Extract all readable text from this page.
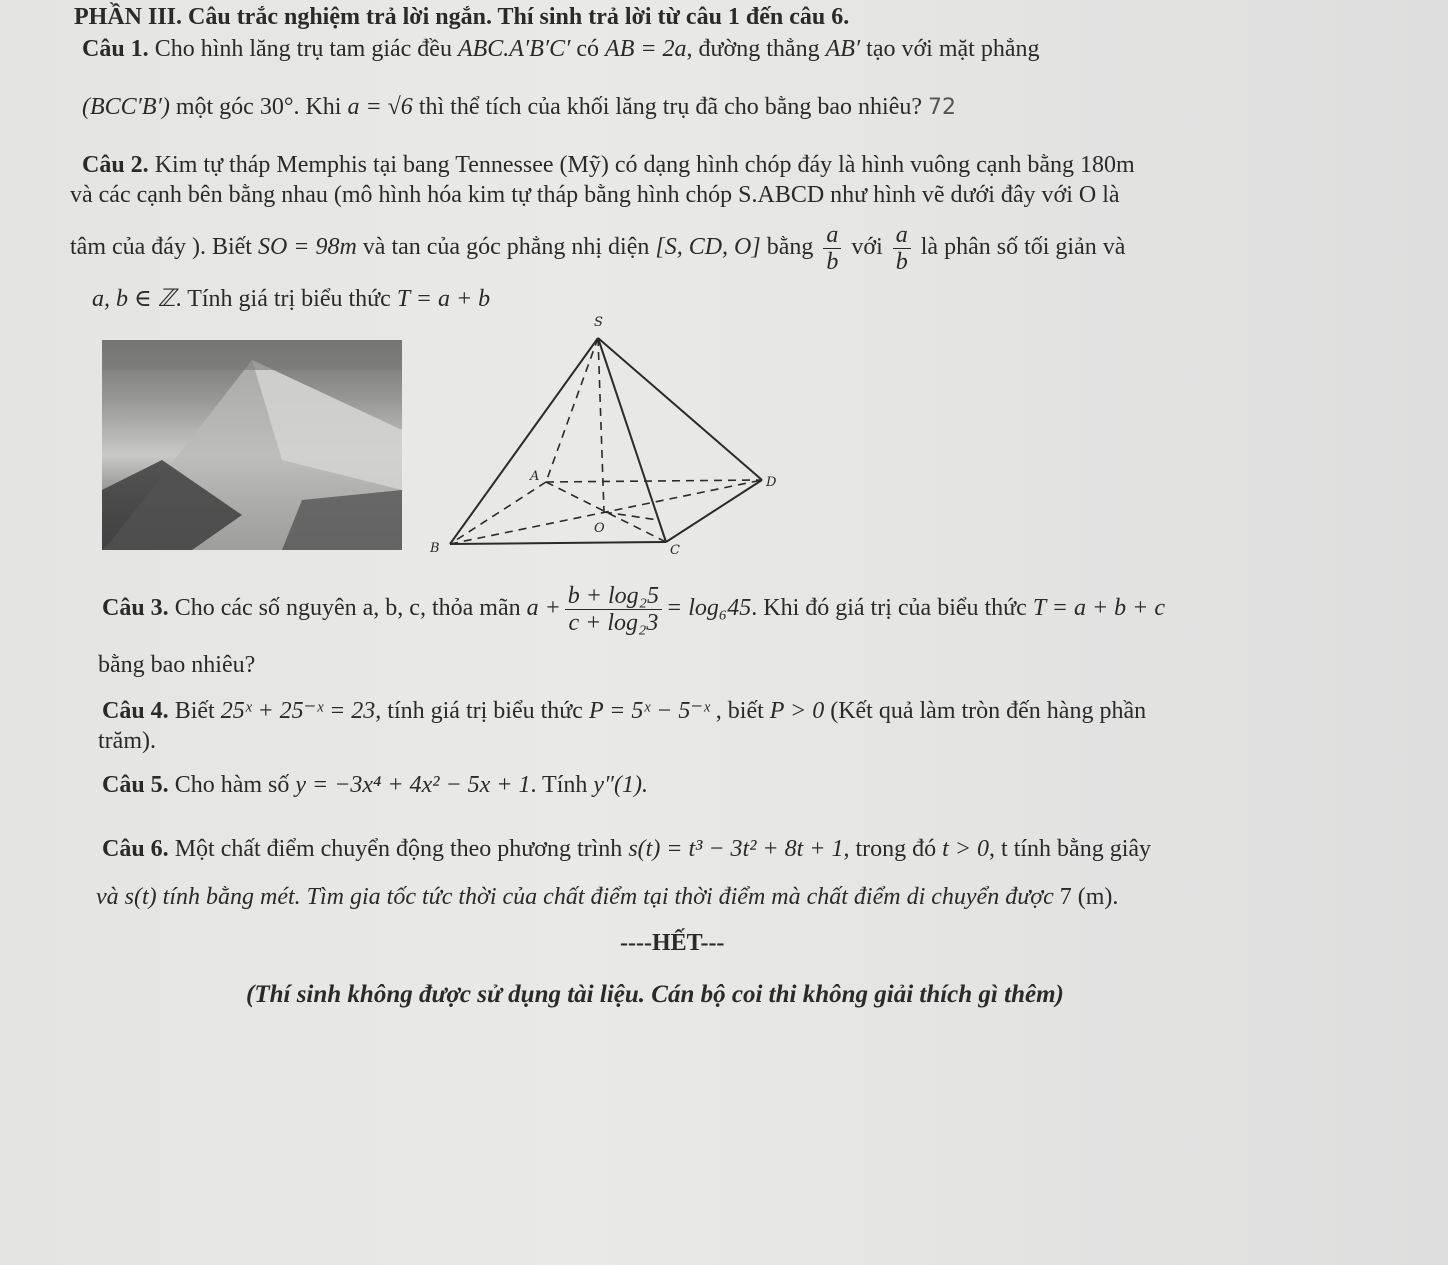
PHẦN III. Câu trắc nghiệm trả lời ngắn. Thí sinh trả lời từ câu 1 đến câu 6.
Câu 1. Cho hình lăng trụ tam giác đều ABC.A′B′C′ có AB = 2a, đường thẳng AB′ tạo với mặt phẳng
(BCC′B′) một góc 30°. Khi a = √6 thì thể tích của khối lăng trụ đã cho bằng bao nhiêu? 72
Câu 2. Kim tự tháp Memphis tại bang Tennessee (Mỹ) có dạng hình chóp đáy là hình vuông cạnh bằng 180m
và các cạnh bên bằng nhau (mô hình hóa kim tự tháp bằng hình chóp S.ABCD như hình vẽ dưới đây với O là
tâm của đáy ). Biết SO = 98m và tan của góc phẳng nhị diện [S, CD, O] bằng $\frac{a}{b}$ với $\frac{a}{b}$ là phân số tối giản và
a, b ∈ ℤ. Tính giá trị biểu thức T = a + b
S
A
B	C
D
O
Câu 3. Cho các số nguyên a, b, c, thỏa mãn $a + \frac{\text{b + log₂5}}{\text{c + log₂3}} = \log_645$. Khi đó giá trị của biểu thức T = a + b + c
bằng bao nhiêu?
Câu 4. Biết 25ˣ + 25⁻ˣ = 23, tính giá trị biểu thức P = 5ˣ − 5⁻ˣ , biết P > 0 (Kết quả làm tròn đến hàng phần
trăm).
Câu 5. Cho hàm số y = −3x⁴ + 4x² − 5x + 1. Tính y″(1).
Câu 6. Một chất điểm chuyển động theo phương trình s(t) = t³ − 3t² + 8t + 1, trong đó t > 0, t tính bằng giây
và s(t) tính bằng mét. Tìm gia tốc tức thời của chất điểm tại thời điểm mà chất điểm di chuyển được 7 (m).
----HẾT---
(Thí sinh không được sử dụng tài liệu. Cán bộ coi thi không giải thích gì thêm)
